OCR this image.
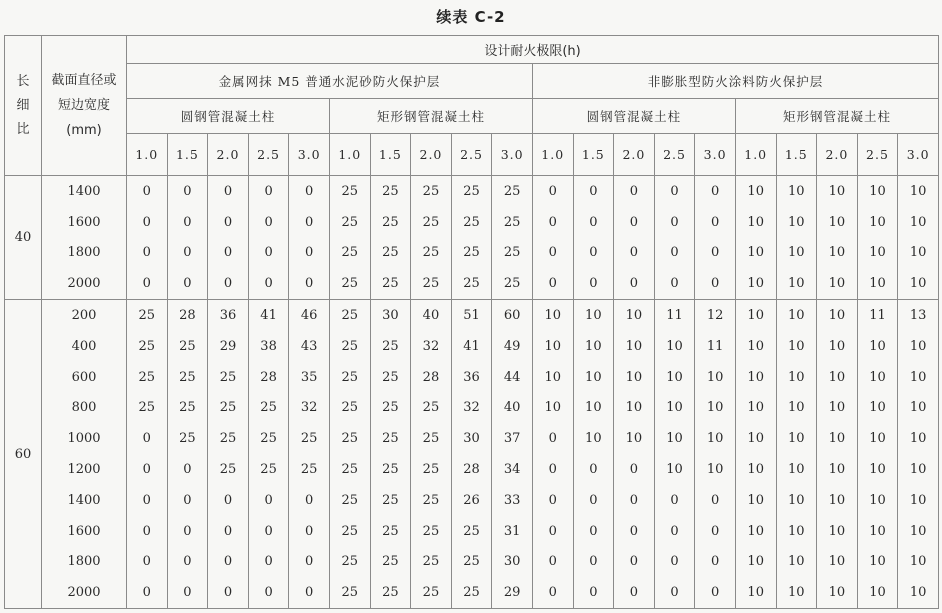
续表 C-2
长细比	截面直径或短边宽度(mm)	设计耐火极限(h)																			
		金属网抹 M5 普通水泥砂防火保护层										非膨胀型防火涂料防火保护层									
		圆钢管混凝土柱					矩形钢管混凝土柱					圆钢管混凝土柱					矩形钢管混凝土柱				
		1.0	1.5	2.0	2.5	3.0	1.0	1.5	2.0	2.5	3.0	1.0	1.5	2.0	2.5	3.0	1.0	1.5	2.0	2.5	3.0
40	1400	0	0	0	0	0	25	25	25	25	25	0	0	0	0	0	10	10	10	10	10
	1600	0	0	0	0	0	25	25	25	25	25	0	0	0	0	0	10	10	10	10	10
	1800	0	0	0	0	0	25	25	25	25	25	0	0	0	0	0	10	10	10	10	10
	2000	0	0	0	0	0	25	25	25	25	25	0	0	0	0	0	10	10	10	10	10
60	200	25	28	36	41	46	25	30	40	51	60	10	10	10	11	12	10	10	10	11	13
	400	25	25	29	38	43	25	25	32	41	49	10	10	10	10	11	10	10	10	10	10
	600	25	25	25	28	35	25	25	28	36	44	10	10	10	10	10	10	10	10	10	10
	800	25	25	25	25	32	25	25	25	32	40	10	10	10	10	10	10	10	10	10	10
	1000	0	25	25	25	25	25	25	25	30	37	0	10	10	10	10	10	10	10	10	10
	1200	0	0	25	25	25	25	25	25	28	34	0	0	0	10	10	10	10	10	10	10
	1400	0	0	0	0	0	25	25	25	26	33	0	0	0	0	0	10	10	10	10	10
	1600	0	0	0	0	0	25	25	25	25	31	0	0	0	0	0	10	10	10	10	10
	1800	0	0	0	0	0	25	25	25	25	30	0	0	0	0	0	10	10	10	10	10
	2000	0	0	0	0	0	25	25	25	25	29	0	0	0	0	0	10	10	10	10	10
